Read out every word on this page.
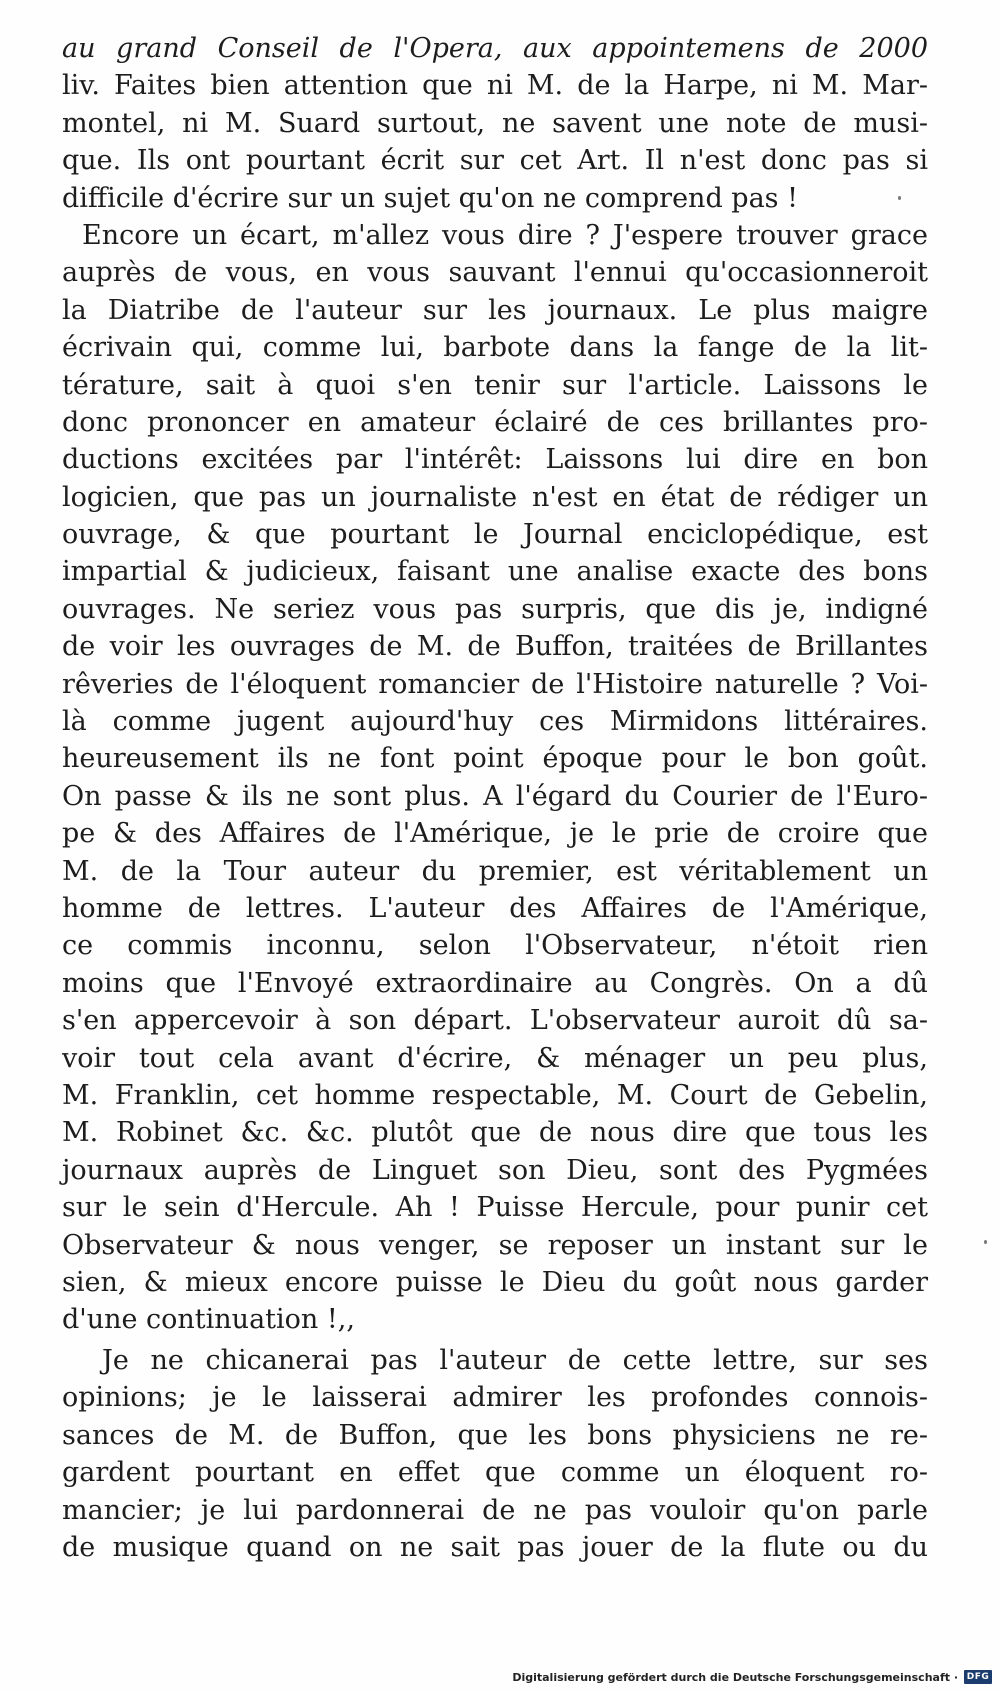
au grand Conseil de l'Opera, aux appointemens de 2000
liv. Faites bien attention que ni M. de la Harpe, ni M. Mar-
montel, ni M. Suard surtout, ne savent une note de musi-
que. Ils ont pourtant écrit sur cet Art. Il n'est donc pas si
difficile d'écrire sur un sujet qu'on ne comprend pas !
Encore un écart, m'allez vous dire ? J'espere trouver grace
auprès de vous, en vous sauvant l'ennui qu'occasionneroit
la Diatribe de l'auteur sur les journaux. Le plus maigre
écrivain qui, comme lui, barbote dans la fange de la lit-
térature, sait à quoi s'en tenir sur l'article. Laissons le
donc prononcer en amateur éclairé de ces brillantes pro-
ductions excitées par l'intérêt: Laissons lui dire en bon
logicien, que pas un journaliste n'est en état de rédiger un
ouvrage, & que pourtant le Journal enciclopédique, est
impartial & judicieux, faisant une analise exacte des bons
ouvrages. Ne seriez vous pas surpris, que dis je, indigné
de voir les ouvrages de M. de Buffon, traitées de Brillantes
rêveries de l'éloquent romancier de l'Histoire naturelle ? Voi-
là comme jugent aujourd'huy ces Mirmidons littéraires.
heureusement ils ne font point époque pour le bon goût.
On passe & ils ne sont plus. A l'égard du Courier de l'Euro-
pe & des Affaires de l'Amérique, je le prie de croire que
M. de la Tour auteur du premier, est véritablement un
homme de lettres. L'auteur des Affaires de l'Amérique,
ce commis inconnu, selon l'Observateur, n'étoit rien
moins que l'Envoyé extraordinaire au Congrès. On a dû
s'en appercevoir à son départ. L'observateur auroit dû sa-
voir tout cela avant d'écrire, & ménager un peu plus,
M. Franklin, cet homme respectable, M. Court de Gebelin,
M. Robinet &c. &c. plutôt que de nous dire que tous les
journaux auprès de Linguet son Dieu, sont des Pygmées
sur le sein d'Hercule. Ah ! Puisse Hercule, pour punir cet
Observateur & nous venger, se reposer un instant sur le
sien, & mieux encore puisse le Dieu du goût nous garder
d'une continuation !,,
Je ne chicanerai pas l'auteur de cette lettre, sur ses
opinions; je le laisserai admirer les profondes connois-
sances de M. de Buffon, que les bons physiciens ne re-
gardent pourtant en effet que comme un éloquent ro-
mancier; je lui pardonnerai de ne pas vouloir qu'on parle
de musique quand on ne sait pas jouer de la flute ou du
Digitalisierung gefördert durch die Deutsche Forschungsgemeinschaft · DFG
